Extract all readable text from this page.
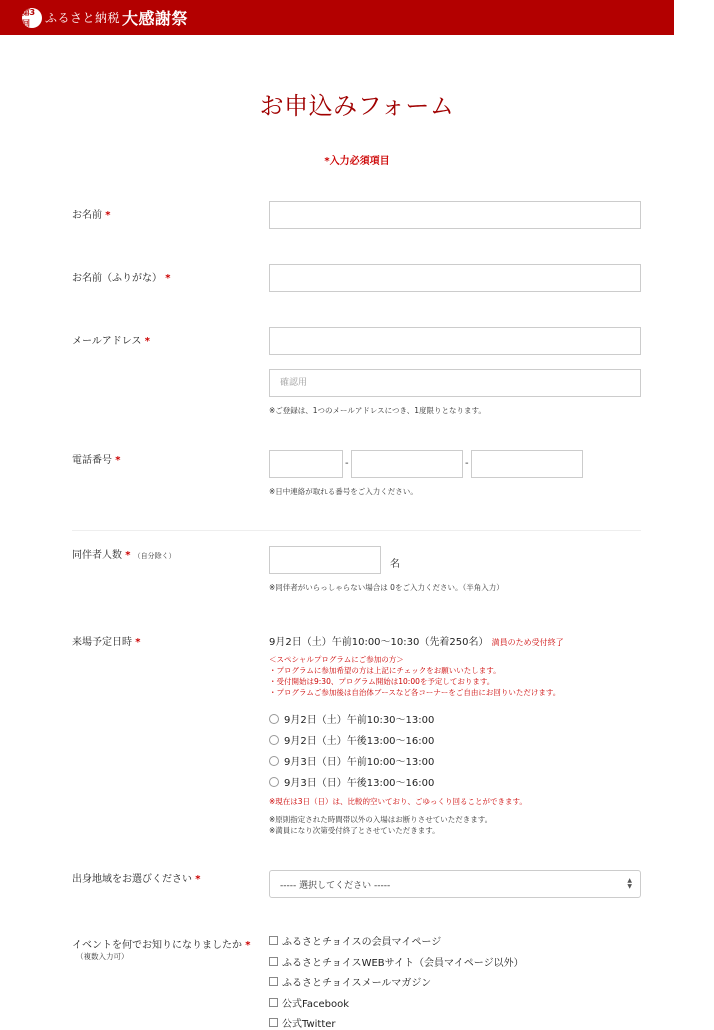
第3回	ふるさと納税 大感謝祭
お申込みフォーム
*入力必須項目
お名前 *
お名前（ふりがな） *
メールアドレス *
確認用
※ご登録は、1つのメールアドレスにつき、1度限りとなります。
電話番号 *	-	-
※日中連絡が取れる番号をご入力ください。
同伴者人数 * （自分除く）
名
※同伴者がいらっしゃらない場合は 0をご入力ください。（半角入力）
来場予定日時 *	9月2日（土）午前10:00〜10:30（先着250名） 満員のため受付終了
＜スペシャルプログラムにご参加の方＞
・プログラムに参加希望の方は上記にチェックをお願いいたします。
・受付開始は9:30、プログラム開始は10:00を予定しております。
・プログラムご参加後は自治体ブースなど各コーナーをご自由にお回りいただけます。
9月2日（土）午前10:30〜13:00
9月2日（土）午後13:00〜16:00
9月3日（日）午前10:00〜13:00
9月3日（日）午後13:00〜16:00
※現在は3日（日）は、比較的空いており、ごゆっくり回ることができます。
※原則指定された時間帯以外の入場はお断りさせていただきます。
※満員になり次第受付終了とさせていただきます。
出身地域をお選びください *
----- 選択してください -----	▲
▼
イベントを何でお知りになりましたか *
（複数入力可）
ふるさとチョイスの会員マイページ
ふるさとチョイスWEBサイト（会員マイページ以外）
ふるさとチョイスメールマガジン
公式Facebook
公式Twitter
